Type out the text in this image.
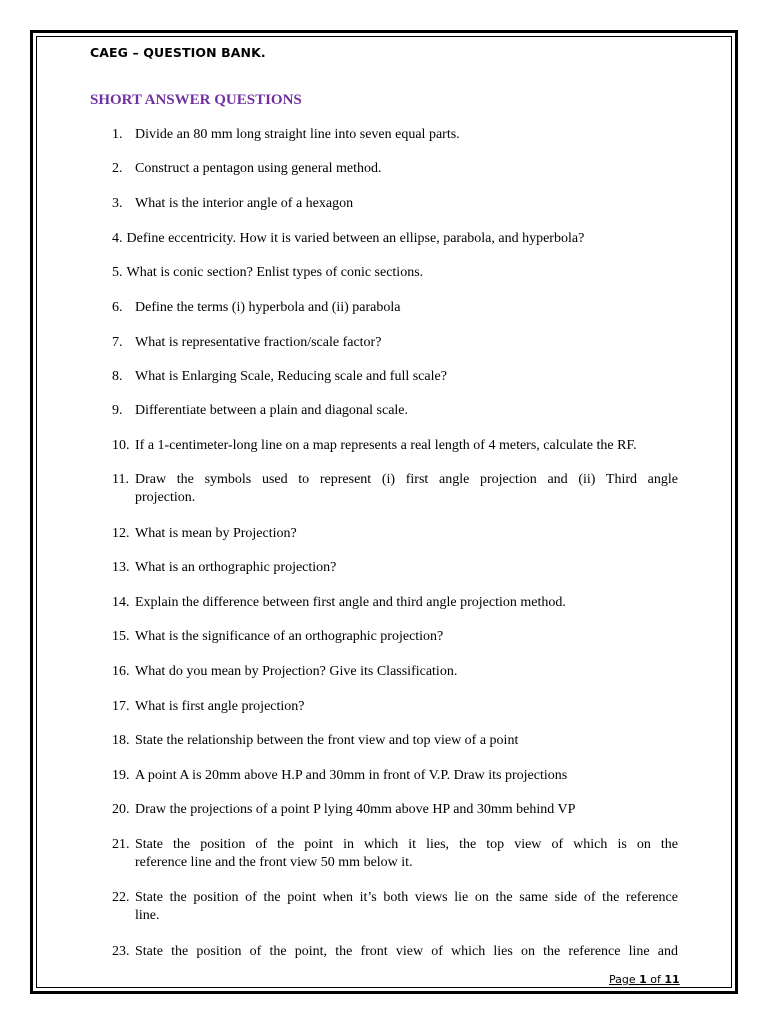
CAEG – QUESTION BANK.
SHORT ANSWER QUESTIONS
1. Divide an 80 mm long straight line into seven equal parts.
2. Construct a pentagon using general method.
3. What is the interior angle of a hexagon
4. Define eccentricity. How it is varied between an ellipse, parabola, and hyperbola?
5. What is conic section? Enlist types of conic sections.
6. Define the terms (i) hyperbola and (ii) parabola
7. What is representative fraction/scale factor?
8. What is Enlarging Scale, Reducing scale and full scale?
9. Differentiate between a plain and diagonal scale.
10. If a 1-centimeter-long line on a map represents a real length of 4 meters, calculate the RF.
11. Draw the symbols used to represent (i) first angle projection and (ii) Third angle
projection.
12. What is mean by Projection?
13. What is an orthographic projection?
14. Explain the difference between first angle and third angle projection method.
15. What is the significance of an orthographic projection?
16. What do you mean by Projection? Give its Classification.
17. What is first angle projection?
18. State the relationship between the front view and top view of a point
19. A point A is 20mm above H.P and 30mm in front of V.P. Draw its projections
20. Draw the projections of a point P lying 40mm above HP and 30mm behind VP
21. State the position of the point in which it lies, the top view of which is on the
reference line and the front view 50 mm below it.
22. State the position of the point when it’s both views lie on the same side of the reference
line.
23. State the position of the point, the front view of which lies on the reference line and
Page 1 of 11
